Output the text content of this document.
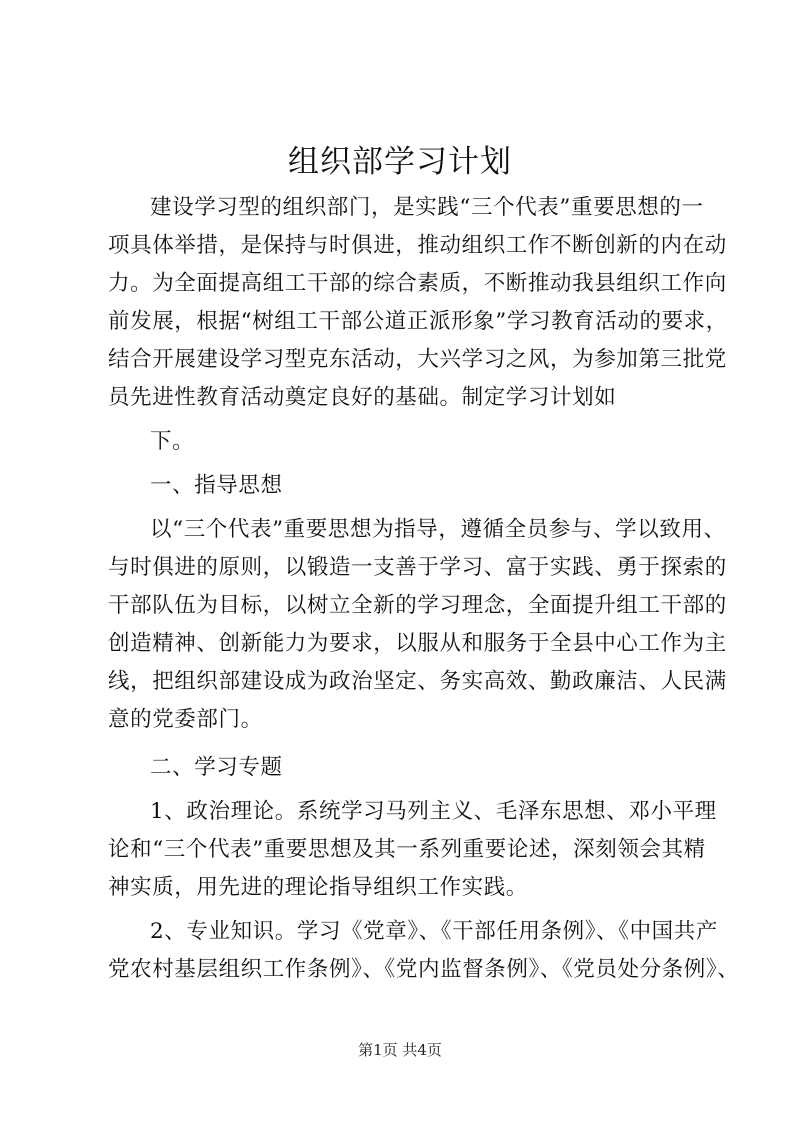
组织部学习计划
建设学习型的组织部门，是实践“三个代表”重要思想的一
项具体举措，是保持与时俱进，推动组织工作不断创新的内在动
力。为全面提高组工干部的综合素质，不断推动我县组织工作向
前发展，根据“树组工干部公道正派形象”学习教育活动的要求，
结合开展建设学习型克东活动，大兴学习之风，为参加第三批党
员先进性教育活动奠定良好的基础。制定学习计划如
下。
一、指导思想
以“三个代表”重要思想为指导，遵循全员参与、学以致用、
与时俱进的原则，以锻造一支善于学习、富于实践、勇于探索的
干部队伍为目标，以树立全新的学习理念，全面提升组工干部的
创造精神、创新能力为要求，以服从和服务于全县中心工作为主
线，把组织部建设成为政治坚定、务实高效、勤政廉洁、人民满
意的党委部门。
二、学习专题
1、政治理论。系统学习马列主义、毛泽东思想、邓小平理
论和“三个代表”重要思想及其一系列重要论述，深刻领会其精
神实质，用先进的理论指导组织工作实践。
2、专业知识。学习《党章》、《干部任用条例》、《中国共产
党农村基层组织工作条例》、《党内监督条例》、《党员处分条例》、
第1页 共4页
